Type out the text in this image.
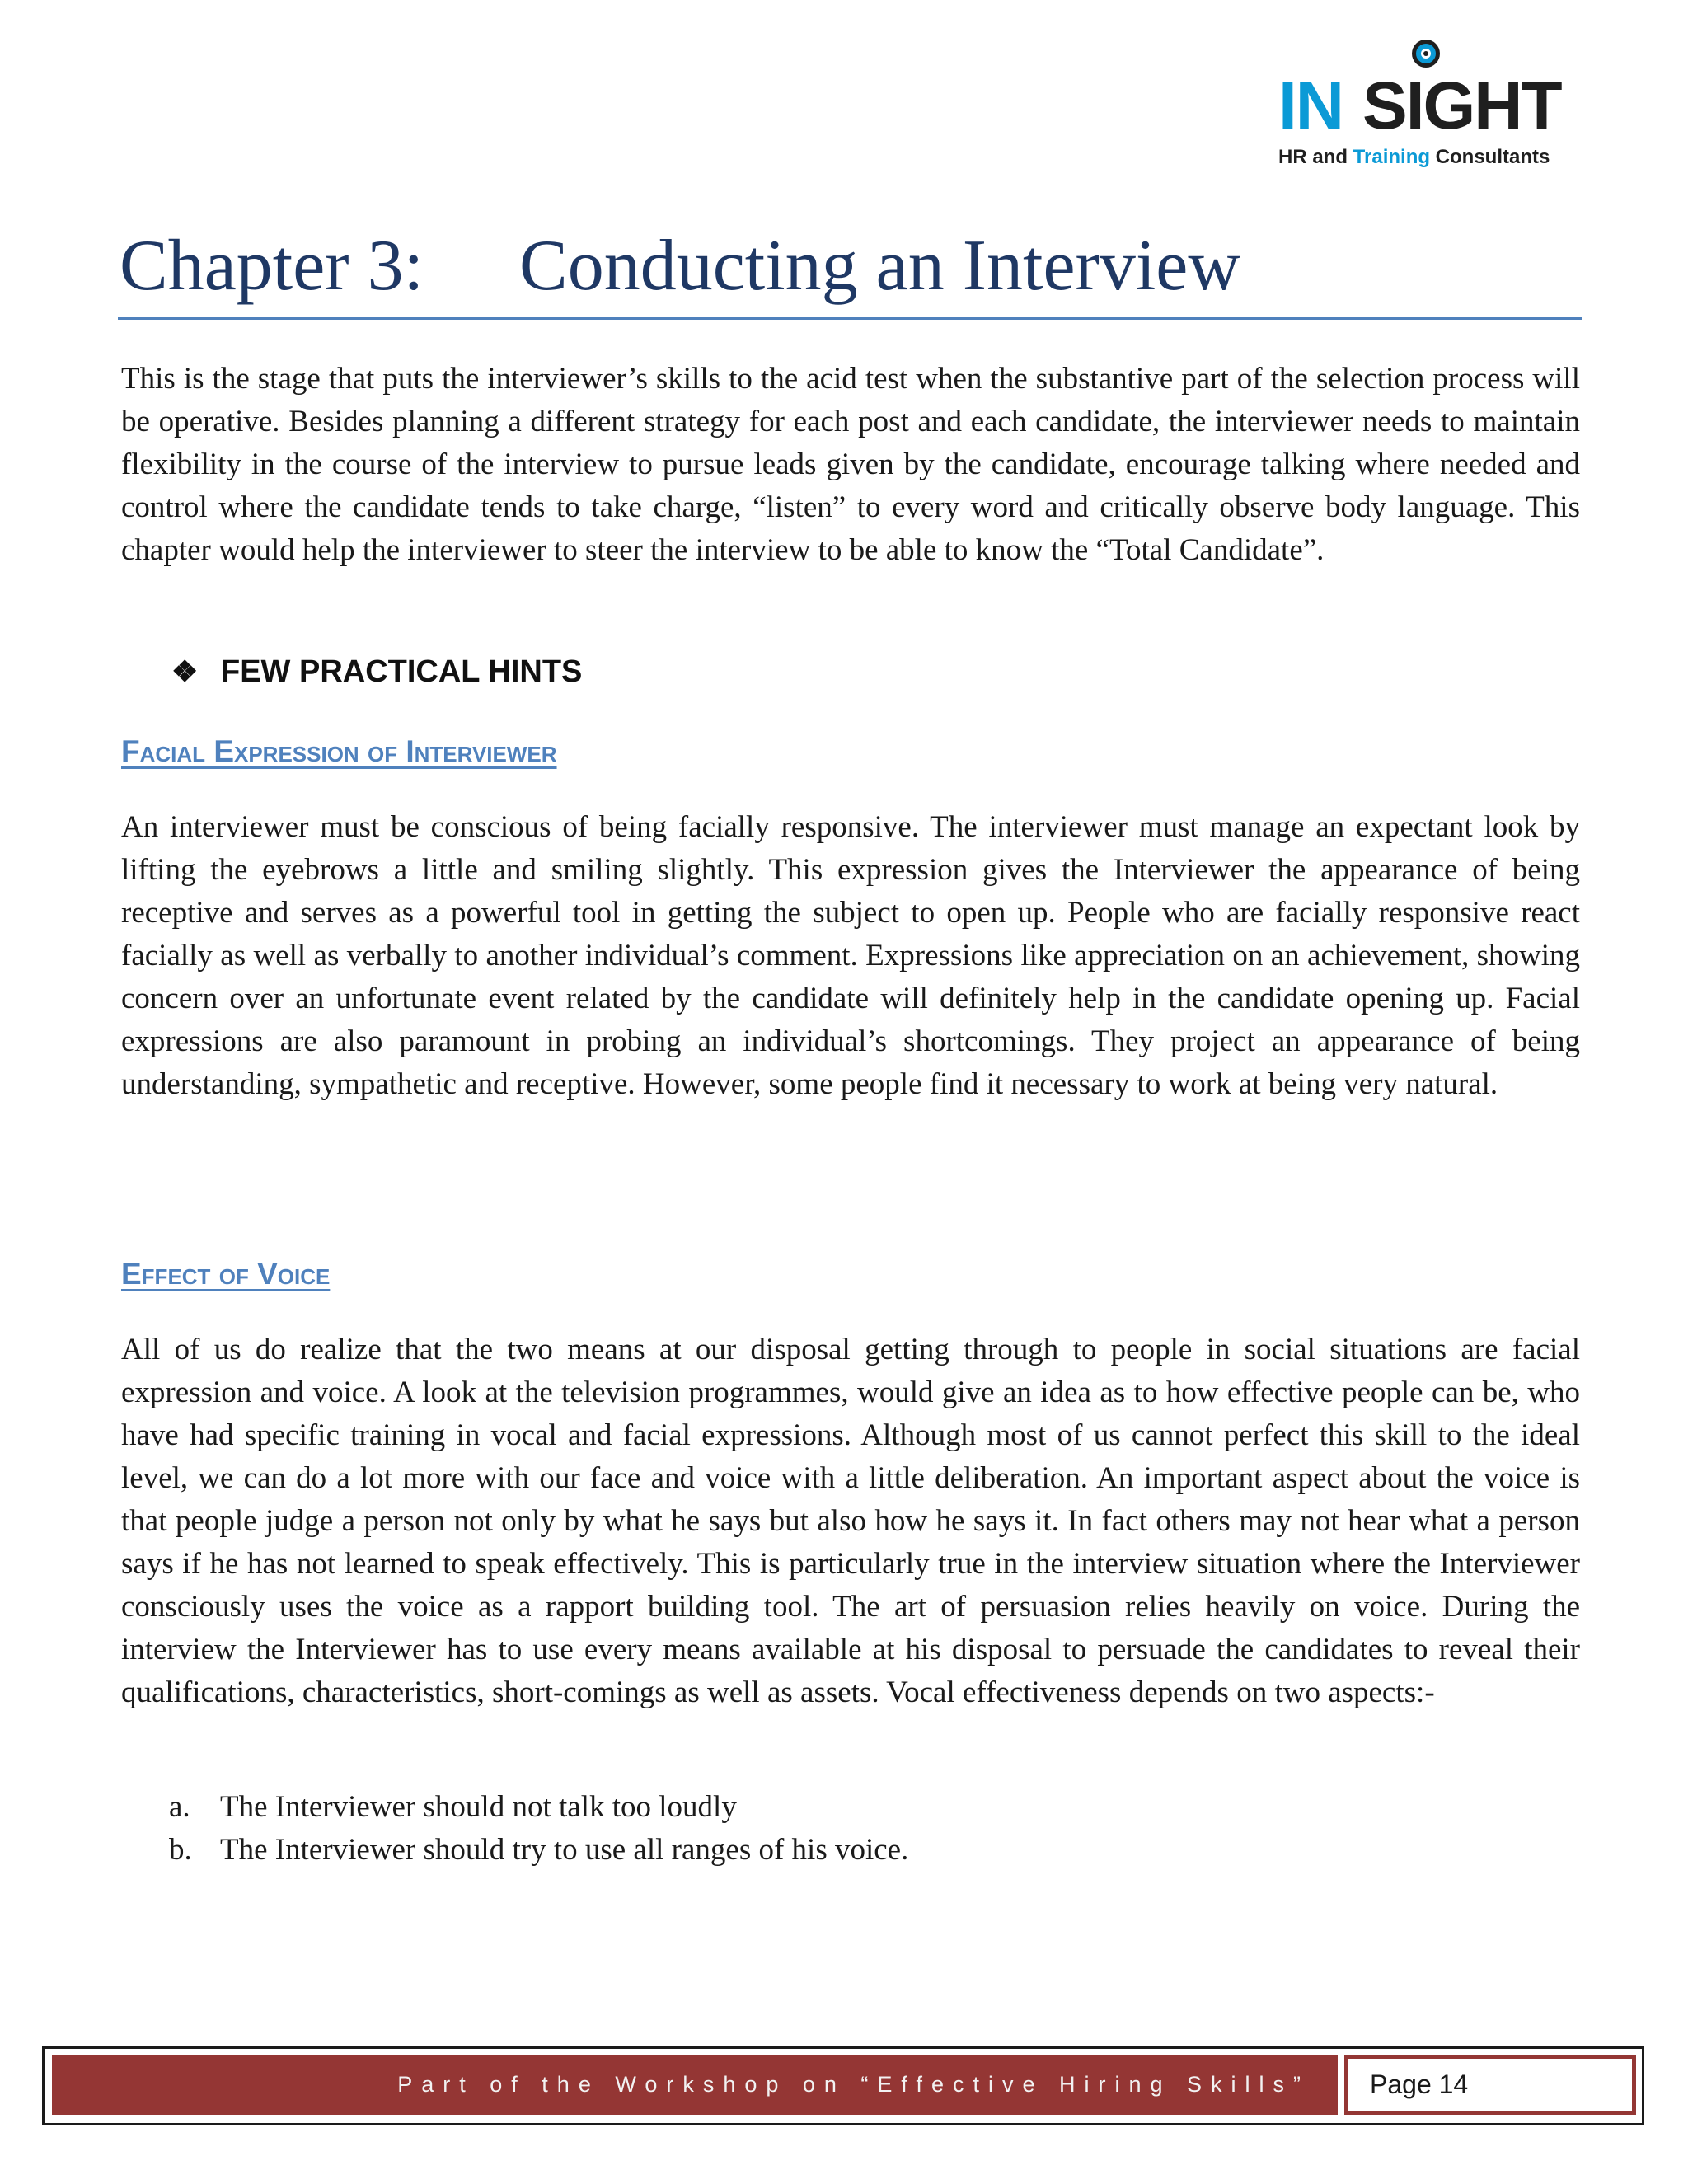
IN SIGHT
HR and Training Consultants
Chapter 3: Conducting an Interview

This is the stage that puts the interviewer’s skills to the acid test when the substantive part of the selection process will be operative. Besides planning a different strategy for each post and each candidate, the interviewer needs to maintain flexibility in the course of the interview to pursue leads given by the candidate, encourage talking where needed and control where the candidate tends to take charge, “listen” to every word and critically observe body language. This chapter would help the interviewer to steer the interview to be able to know the “Total Candidate”.

❖ FEW PRACTICAL HINTS
Facial Expression of Interviewer

An interviewer must be conscious of being facially responsive. The interviewer must manage an expectant look by lifting the eyebrows a little and smiling slightly. This expression gives the Interviewer the appearance of being receptive and serves as a powerful tool in getting the subject to open up. People who are facially responsive react facially as well as verbally to another individual’s comment. Expressions like appreciation on an achievement, showing concern over an unfortunate event related by the candidate will definitely help in the candidate opening up. Facial expressions are also paramount in probing an individual’s shortcomings. They project an appearance of being understanding, sympathetic and receptive. However, some people find it necessary to work at being very natural.

Effect of Voice

All of us do realize that the two means at our disposal getting through to people in social situations are facial expression and voice. A look at the television programmes, would give an idea as to how effective people can be, who have had specific training in vocal and facial expressions. Although most of us cannot perfect this skill to the ideal level, we can do a lot more with our face and voice with a little deliberation. An important aspect about the voice is that people judge a person not only by what he says but also how he says it. In fact others may not hear what a person says if he has not learned to speak effectively. This is particularly true in the interview situation where the Interviewer consciously uses the voice as a rapport building tool. The art of persuasion relies heavily on voice. During the interview the Interviewer has to use every means available at his disposal to persuade the candidates to reveal their qualifications, characteristics, short-comings as well as assets. Vocal effectiveness depends on two aspects:-

a. The Interviewer should not talk too loudly
b. The Interviewer should try to use all ranges of his voice.
Part of the Workshop on “Effective Hiring Skills” Page 14
